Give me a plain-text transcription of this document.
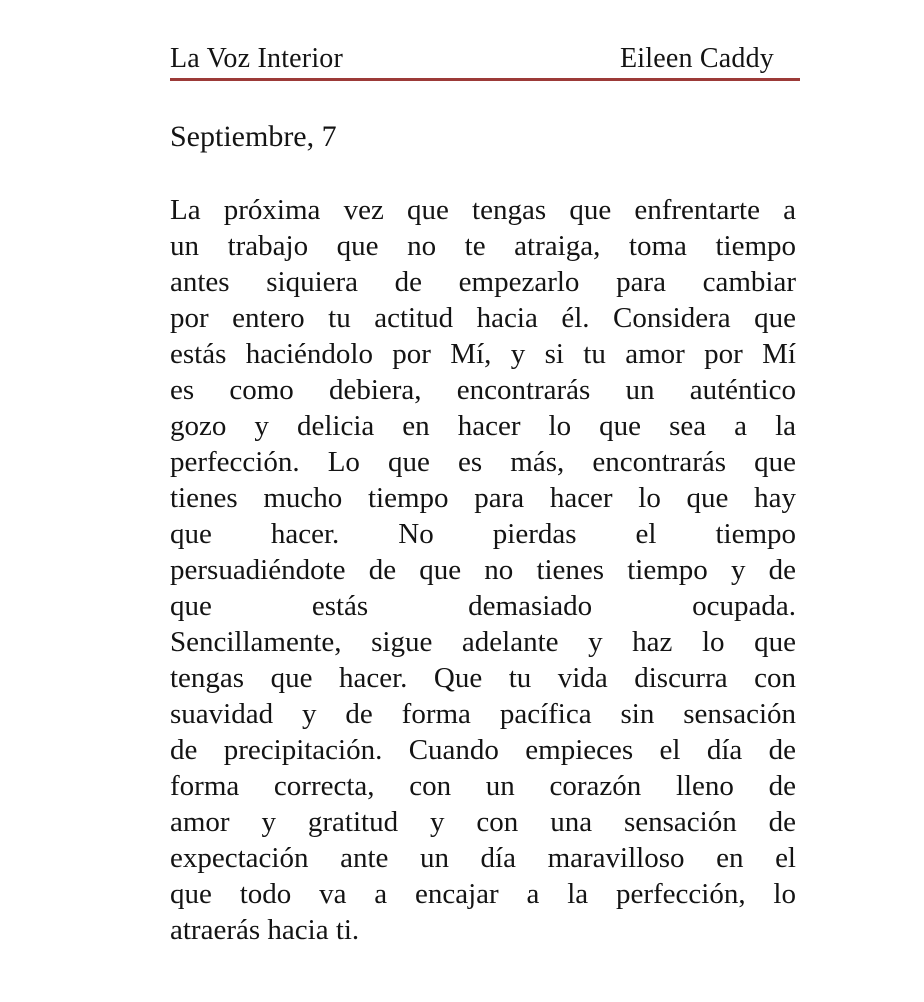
La Voz Interior	Eileen Caddy
Septiembre, 7
La próxima vez que tengas que enfrentarte a
un trabajo que no te atraiga, toma tiempo
antes siquiera de empezarlo para cambiar
por entero tu actitud hacia él. Considera que
estás haciéndolo por Mí, y si tu amor por Mí
es como debiera, encontrarás un auténtico
gozo y delicia en hacer lo que sea a la
perfección. Lo que es más, encontrarás que
tienes mucho tiempo para hacer lo que hay
que hacer. No pierdas el tiempo
persuadiéndote de que no tienes tiempo y de
que estás demasiado ocupada.
Sencillamente, sigue adelante y haz lo que
tengas que hacer. Que tu vida discurra con
suavidad y de forma pacífica sin sensación
de precipitación. Cuando empieces el día de
forma correcta, con un corazón lleno de
amor y gratitud y con una sensación de
expectación ante un día maravilloso en el
que todo va a encajar a la perfección, lo
atraerás hacia ti.
